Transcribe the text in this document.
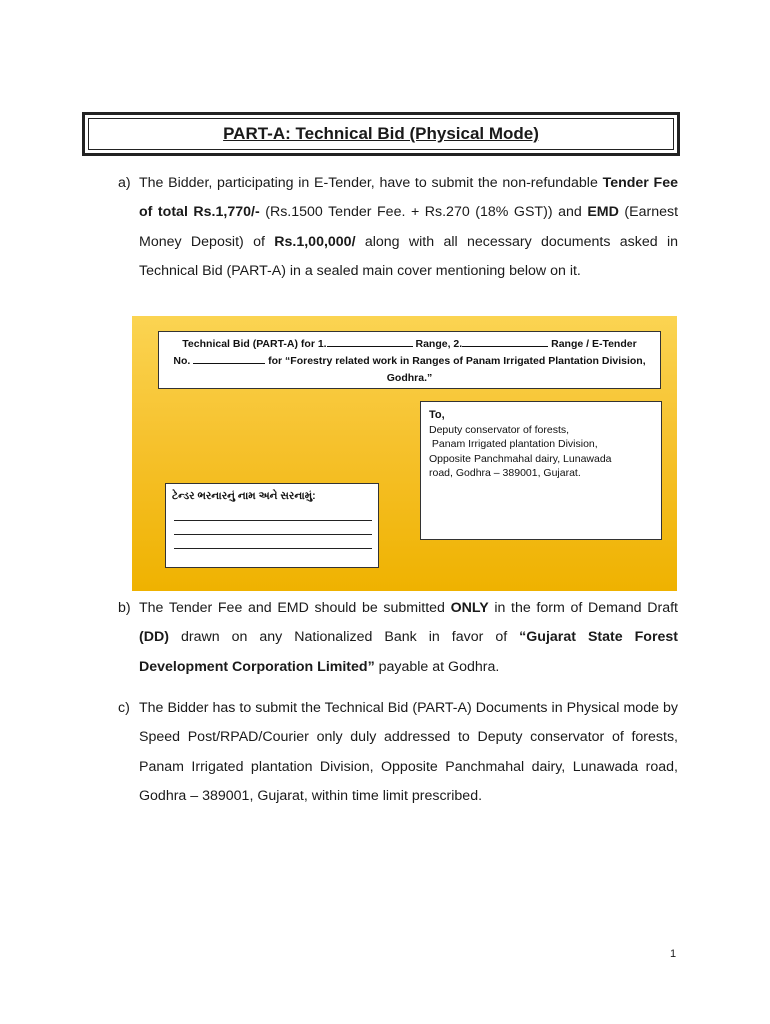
PART-A: Technical Bid (Physical Mode)
a) The Bidder, participating in E-Tender, have to submit the non-refundable Tender Fee of total Rs.1,770/- (Rs.1500 Tender Fee. + Rs.270 (18% GST)) and EMD (Earnest Money Deposit) of Rs.1,00,000/ along with all necessary documents asked in Technical Bid (PART-A) in a sealed main cover mentioning below on it.
Technical Bid (PART-A) for 1.	Range, 2.	Range / E-Tender
No.	for “Forestry related work in Ranges of Panam Irrigated Plantation Division, Godhra.”
To,
Deputy conservator of forests,
Panam Irrigated plantation Division,
Opposite Panchmahal dairy, Lunawada
road, Godhra – 389001, Gujarat.
ટેન્ડર ભરનારનું નામ અને સરનામું:
b) The Tender Fee and EMD should be submitted ONLY in the form of Demand Draft (DD) drawn on any Nationalized Bank in favor of “Gujarat State Forest Development Corporation Limited” payable at Godhra.
c) The Bidder has to submit the Technical Bid (PART-A) Documents in Physical mode by Speed Post/RPAD/Courier only duly addressed to Deputy conservator of forests, Panam Irrigated plantation Division, Opposite Panchmahal dairy, Lunawada road, Godhra – 389001, Gujarat, within time limit prescribed.
1
